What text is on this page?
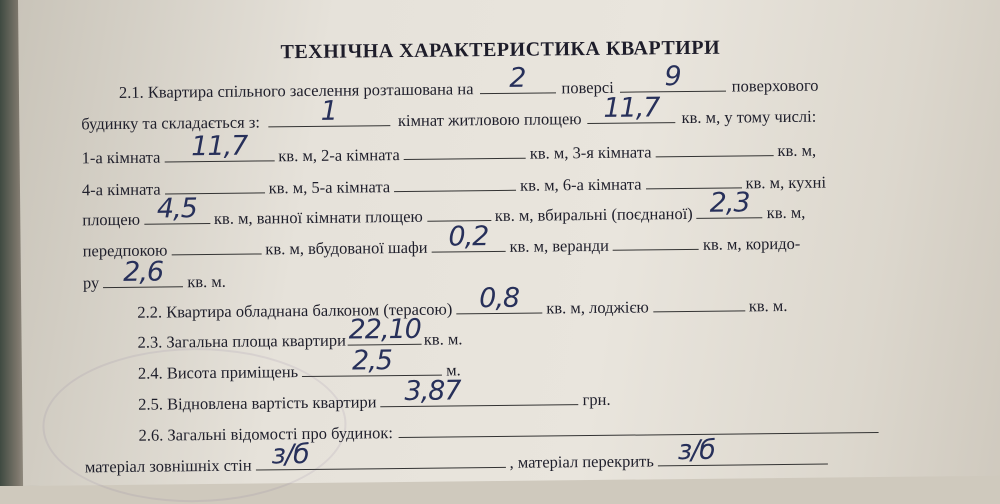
ТЕХНІЧНА ХАРАКТЕРИСТИКА КВАРТИРИ
2.1. Квартира спільного заселення розташована на	2	поверсі	9	поверхового
будинку та складається з:	1	кімнат житловою площею 11,7	кв. м, у тому числі:
1-а кімната	11,7	кв. м, 2-а кімната	кв. м, 3-я кімната	кв. м,
4-а кімната	кв. м, 5-а кімната	кв. м, 6-а кімната	кв. м, кухні
площею 4,5	кв. м, ванної кімнати площею	кв. м, вбиральні (поєднаної) 2,3	кв. м,
передпокою	кв. м, вбудованої шафи 0,2	кв. м, веранди	кв. м, коридо-
ру 2,6	кв. м.
2.2. Квартира обладнана балконом (терасою) 0,8	кв. м, лоджією	кв. м.
2.3. Загальна площа квартири 22,10 кв. м.
2.4. Висота приміщень	2,5	м.
2.5. Відновлена вартість квартири 3,87	грн.
2.6. Загальні відомості про будинок:
матеріал зовнішніх стін з/б	, матеріал перекрить з/б
